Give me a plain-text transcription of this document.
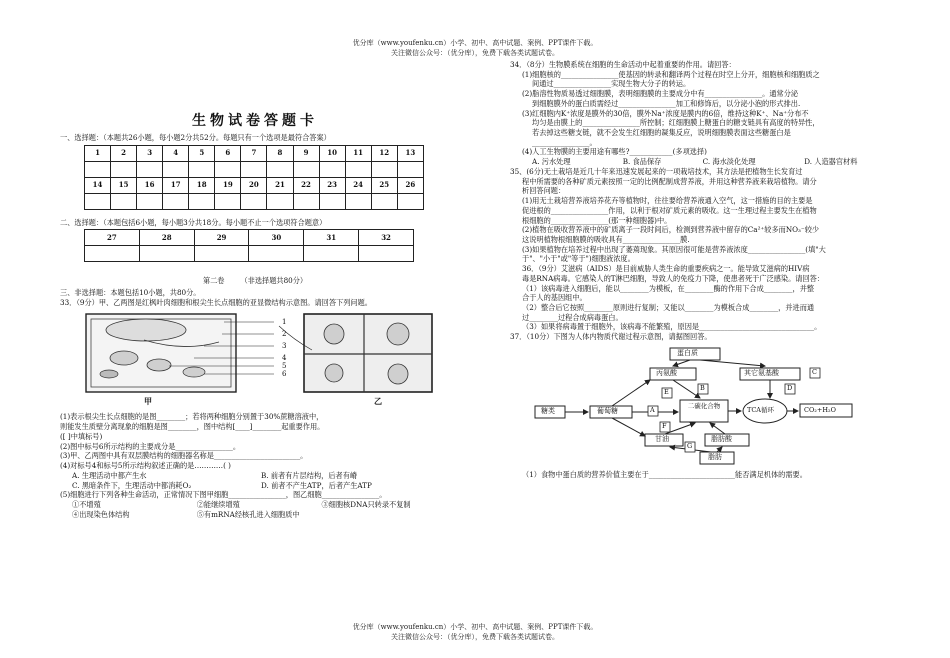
优分库（www.youfenku.cn）小学、初中、高中试题、案例、PPT课件下载。
关注微信公众号：（优分库），免费下载各类试题试卷。
生物试卷答题卡

一、选择题：（本题共26小题，每小题2分共52分。每题只有一个选项是最符合答案）

1	2	3	4	5	6	7	8	9	10	11	12	13

14	15	16	17	18	19	20	21	22	23	24	25	26

二、选择题：（本题包括6小题，每小题3分共18分。每小题不止一个选项符合题意）

27	28	29	30	31	32

第二卷 （非选择题共80分）

三、非选择题：本题包括10小题，共80分。

33．（9分）甲、乙两图是红枫叶肉细胞和根尖生长点细胞的亚显微结构示意图。请回答下列问题。

1
2
3
4
5
6
甲	乙

(1)表示根尖生长点细胞的是图________；若将两种细胞分别置于30%蔗糖溶液中，

则能发生质壁分离现象的细胞是图________，图中结构[____]________起重要作用。

([ ]中填标号)

(2)图中标号6所示结构的主要成分是________________。

(3)甲、乙两图中具有双层膜结构的细胞器名称是________________________。

(4)对标号4和标号5所示结构叙述正确的是…………( )

A. 生理活动中都产生水	B. 前者有片层结构，后者有嵴
C. 黑暗条件下，生理活动中都消耗O₂	D. 前者不产生ATP，后者产生ATP

(5)细胞进行下列各种生命活动，正常情况下图甲细胞________________，图乙细胞________________。

①不增殖	②能继续增殖	③细胞核DNA只转录不复制
④出现染色体结构	⑤有mRNA经核孔进入细胞质中

34．（8分）生物膜系统在细胞的生命活动中起着重要的作用。请回答：

(1)细胞核的________________使基因的转录和翻译两个过程在时空上分开，细胞核和细胞质之

间通过________________实现生物大分子的转运。

(2)脂溶性物质易透过细胞膜，表明细胞膜的主要成分中有________________。通常分泌

到细胞膜外的蛋白质需经过________________加工和修饰后，以分泌小泡的形式排出.

(3)红细胞内K⁺浓度是膜外的30倍，膜外Na⁺浓度是膜内的6倍，维持这种K⁺、Na⁺分布不

均匀是由膜上的________________所控制；红细胞膜上糖蛋白的糖支链具有高度的特异性，

若去掉这些糖支链，就不会发生红细胞的凝集反应，说明细胞膜表面这些糖蛋白是

________________。

(4)人工生物膜的主要用途有哪些?____________(多项选择)

A. 污水处理	B. 食品保存	C. 海水淡化处理	D. 人造器官材料

35、(6分)无土栽培是近几十年来迅速发展起来的一项栽培技术，其方法是把植物生长发育过

程中所需要的各种矿质元素按照一定的比例配制成营养液，并用这种营养液来栽培植物。请分

析回答问题：

(1)用无土栽培营养液培养花卉等植物时，往往要给营养液通入空气，这一措施的目的主要是

促进根的________________作用，以利于根对矿质元素的吸收。这一生理过程主要发生在植物

根细胞的________________(那一种细胞器)中。

(2)植物在吸收营养液中的矿质离子一段时间后，检测到营养液中留存的Ca²⁺较多而NO₃⁻较少

这说明植物根细胞膜的吸收具有________________膜.

(3)如果植物在培养过程中出现了萎蔫现象。其原因很可能是营养液浓度________________(填"大

于"、"小于"或"等于")细胞液浓度。

36．（9分）艾滋病（AIDS）是目前威胁人类生命的重要疾病之一。能导致艾滋病的HIV病

毒是RNA病毒。它感染人的T淋巴细胞，导致人的免疫力下降，使患者死于广泛感染。请回答：

（1）该病毒进入细胞后，能以________为模板，在________酶的作用下合成________，并整

合于人的基因组中。

（2）整合后它按照________原则进行复制；又能以________为模板合成________，并进而通

过________过程合成病毒蛋白。

（3）如果将病毒置于细胞外，该病毒不能繁殖，原因是________________________________。

37．（10分）下图为人体内物质代谢过程示意图，请据图回答。

蛋白质
丙氨酸	其它氨基酸
糖类	葡萄糖
二碳化合物	TCA循环	CO₂+H₂O
甘油	脂肪酸
脂肪
A
B
C
D
E
F
G

（1）食物中蛋白质的营养价值主要在于________________________能否满足机体的需要。

优分库（www.youfenku.cn）小学、初中、高中试题、案例、PPT课件下载。
关注微信公众号：（优分库），免费下载各类试题试卷。
